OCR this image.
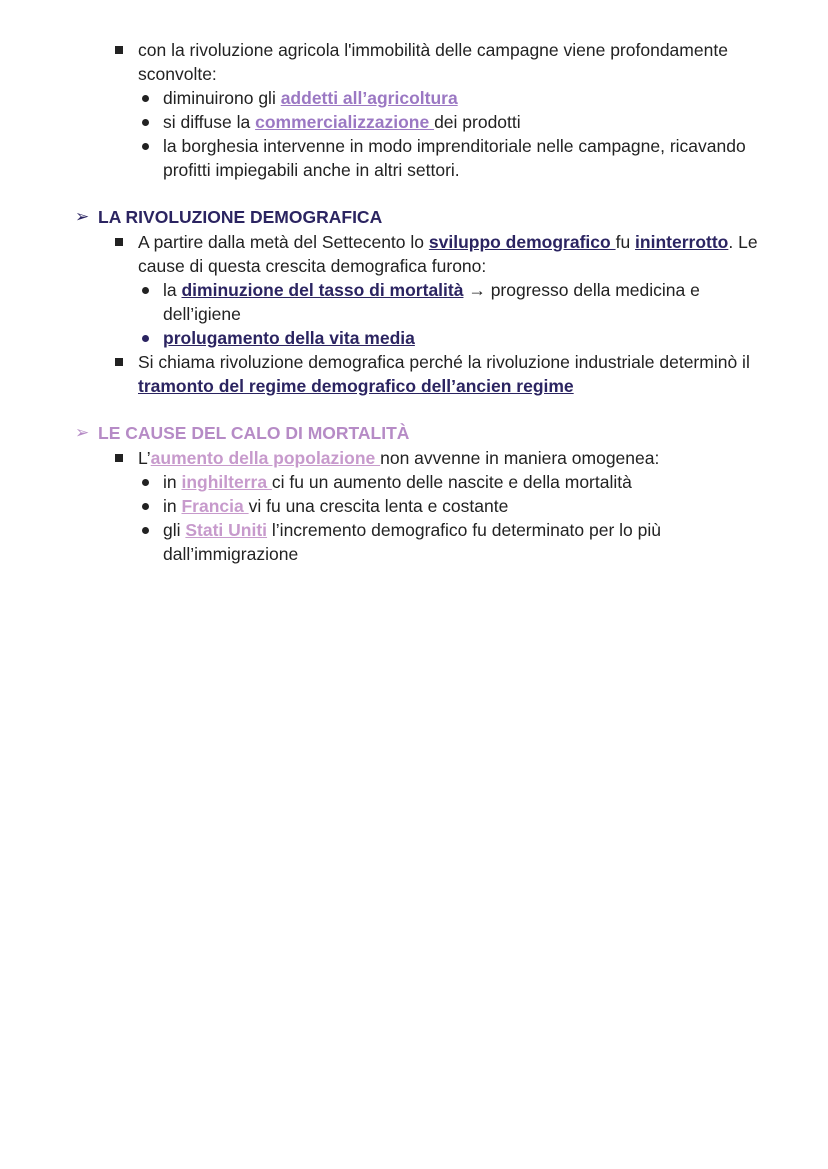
con la rivoluzione agricola l'immobilità delle campagne viene profondamente
sconvolte:
diminuirono gli addetti all’agricoltura
si diffuse la commercializzazione dei prodotti
la borghesia intervenne in modo imprenditoriale nelle campagne, ricavando
profitti impiegabili anche in altri settori.
➢ LA RIVOLUZIONE DEMOGRAFICA
A partire dalla metà del Settecento lo sviluppo demografico fu ininterrotto. Le
cause di questa crescita demografica furono:
la diminuzione del tasso di mortalità → progresso della medicina e
dell’igiene
prolugamento della vita media
Si chiama rivoluzione demografica perché la rivoluzione industriale determinò il
tramonto del regime demografico dell’ancien regime
➢ LE CAUSE DEL CALO DI MORTALITÀ
L’aumento della popolazione non avvenne in maniera omogenea:
in inghilterra ci fu un aumento delle nascite e della mortalità
in Francia vi fu una crescita lenta e costante
gli Stati Uniti l’incremento demografico fu determinato per lo più
dall’immigrazione
